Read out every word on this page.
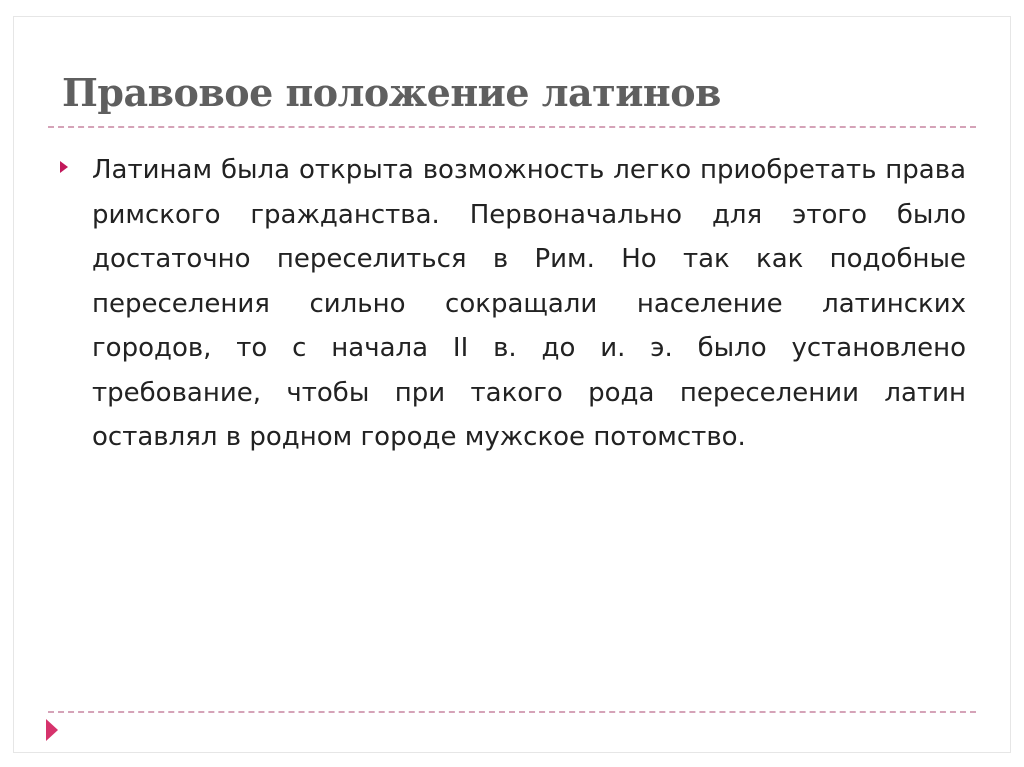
Правовое положение латинов

Латинам была открыта возможность легко приобретать права римского гражданства. Первоначально для этого было достаточно переселиться в Рим. Но так как подобные переселения сильно сокращали население латинских городов, то с начала II в. до и. э. было установлено требование, чтобы при такого рода переселении латин оставлял в родном городе мужское потомство.
